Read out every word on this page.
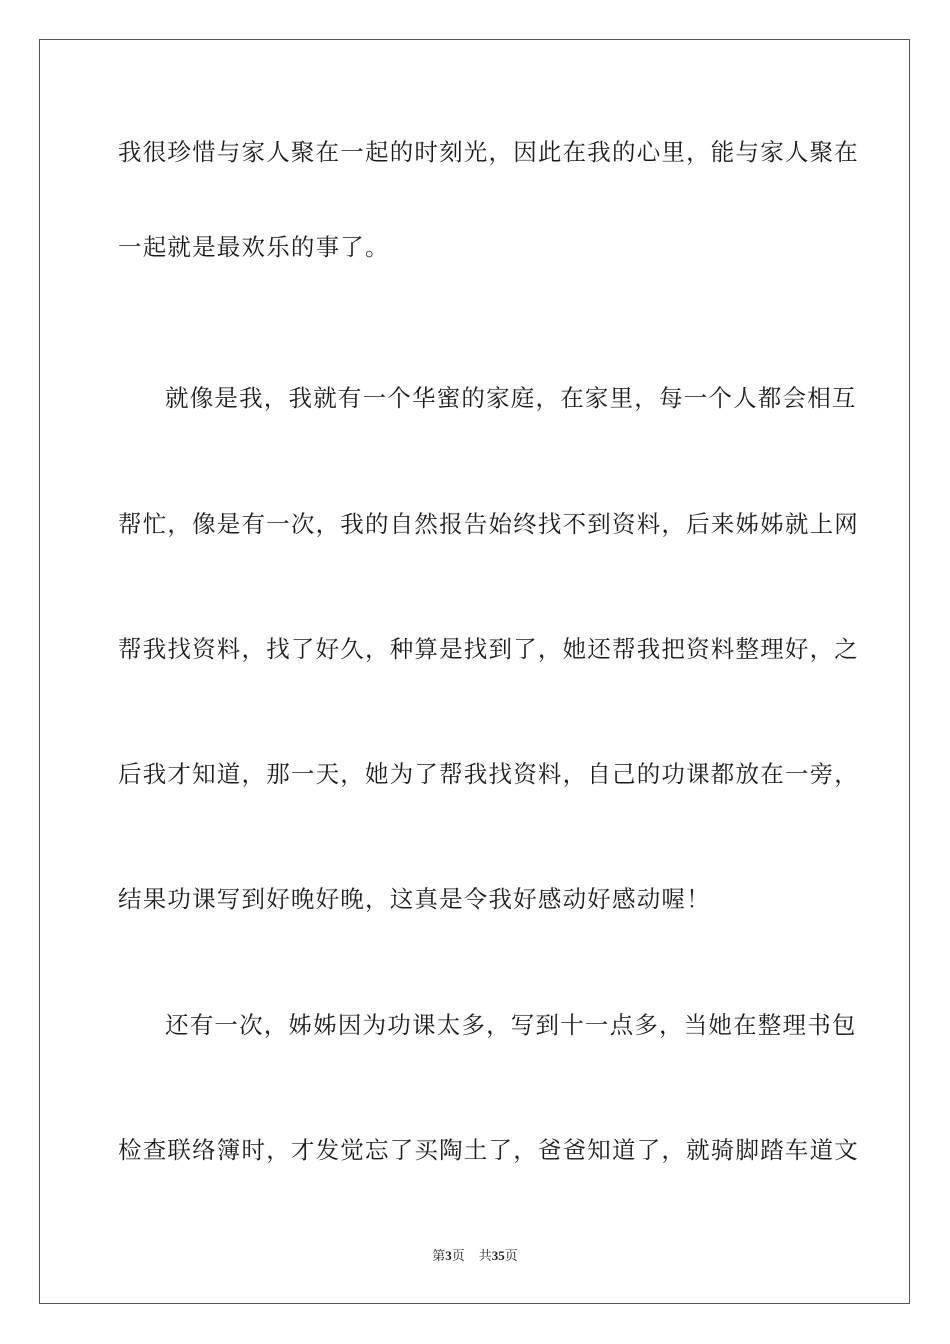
我很珍惜与家人聚在一起的时刻光，因此在我的心里，能与家人聚在
一起就是最欢乐的事了。
就像是我，我就有一个华蜜的家庭，在家里，每一个人都会相互
帮忙，像是有一次，我的自然报告始终找不到资料，后来姊姊就上网
帮我找资料，找了好久，种算是找到了，她还帮我把资料整理好，之
后我才知道，那一天，她为了帮我找资料，自己的功课都放在一旁，
结果功课写到好晚好晚，这真是令我好感动好感动喔！
还有一次，姊姊因为功课太多，写到十一点多，当她在整理书包
检查联络簿时，才发觉忘了买陶土了，爸爸知道了，就骑脚踏车道文
第3页 共35页
